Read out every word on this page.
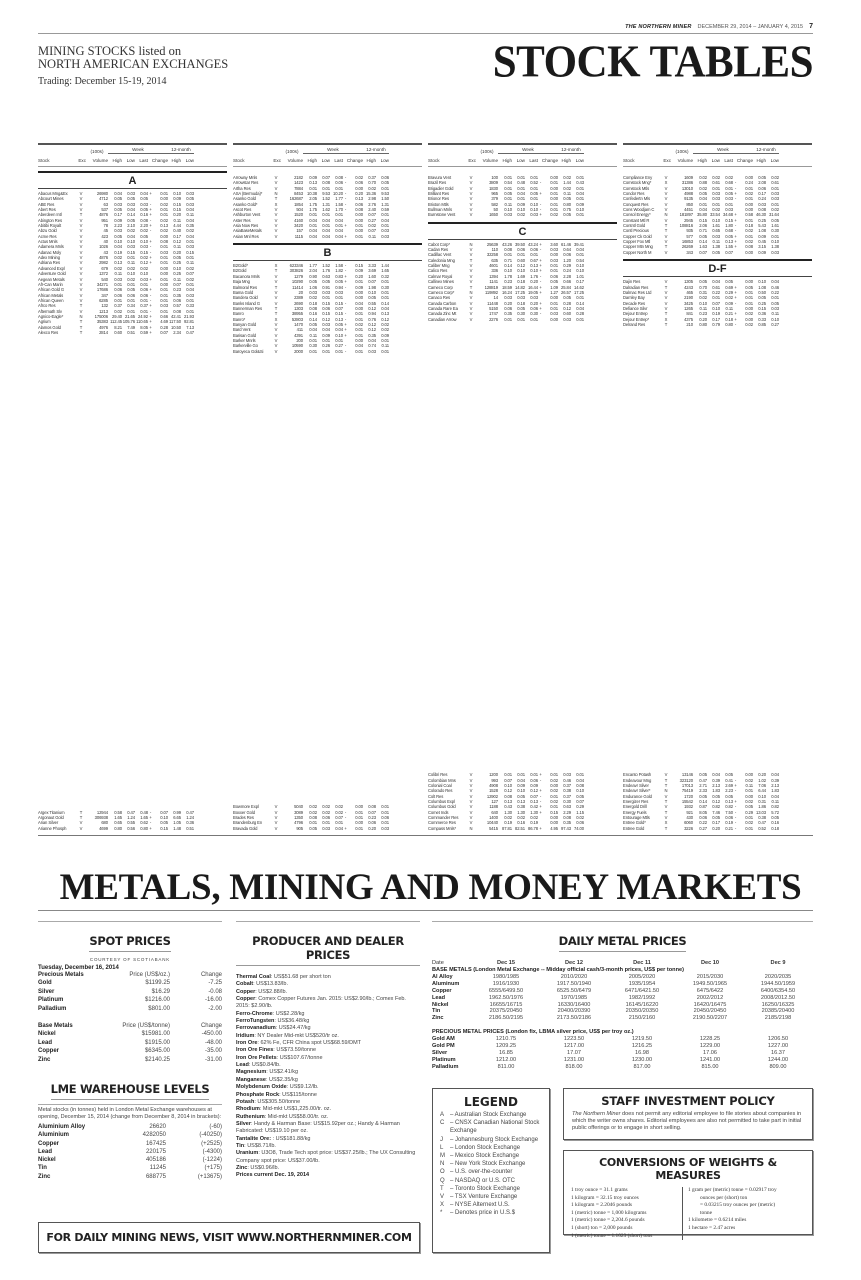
THE NORTHERN MINER DECEMBER 29, 2014 – JANUARY 4, 2015 7
MINING STOCKS listed on
NORTH AMERICAN EXCHANGES
Trading: December 15-19, 2014	STOCK TABLES
(100s)	Week	12-month
Stock	Exc	Volume High Low Last Change High Low
A
Abacus Mng&Ex	V	26980	0.04	0.03	0.04 +	0.01	0.10	0.03
Abcourt Mines	V	4712	0.05	0.05	0.05	0.00	0.09	0.05
ABE Res	V	63	0.03	0.03	0.03 -	0.02	0.15	0.03
Abert Res	V	537	0.05	0.04	0.05 +	0.01	0.15	0.04
Aberdeen Intl	T	4876	0.17	0.14	0.16 +	0.01	0.20	0.11
Abington Res	V	951	0.09	0.05	0.08 -	0.02	0.11	0.04
Abitibi Royalt	V	78	2.23	2.10	2.20 +	0.13	4.44	0.35
Abzu Gold	V	45	0.03	0.02	0.02 -	0.02	0.40	0.02
Acme Res	V	423	0.05	0.04	0.05	0.00	0.17	0.04
Actus Mnls	V	40	0.10	0.10	0.10 +	0.08	0.12	0.01
Adamera Mnls	V	1026	0.04	0.03	0.03 -	0.01	0.11	0.03
Adanac Moly	V	43	0.19	0.15	0.15 -	0.03	0.20	0.15
Adex Mining	V	4876	0.02	0.01	0.02 +	0.01	0.05	0.01
Adriana Res	V	2982	0.13	0.11	0.12 +	0.01	0.25	0.11
Advanced Expl	V	679	0.02	0.02	0.02	0.00	0.10	0.02
Adventure Gold	V	1372	0.11	0.10	0.10	0.00	0.25	0.07
Aegean Metals	V	540	0.03	0.02	0.03 +	0.01	0.11	0.02
Afr-Can Marin	V	34271	0.01	0.01	0.01	0.00	0.07	0.01
African Gold G	V	17686	0.06	0.05	0.06 +	0.01	0.23	0.04
African Metals	V	347	0.06	0.06	0.06 -	0.01	0.35	0.03
African Queen	V	6285	0.01	0.01	0.01 -	0.01	0.06	0.01
Afrco Res	T	132	0.37	0.34	0.37 +	0.03	0.57	0.33
Aftermath Slv	V	1213	0.02	0.01	0.01 -	0.01	0.08	0.01
Agnico-Eagle*	N	175006 29.40 21.65 24.92 +	0.66 42.41 21.93
Agrium	T	35383 112.45 105.76 110.65 +	4.69 117.50 92.81
Alamos Gold	T	4976	8.21	7.49	8.05 +	0.28 10.50	7.13
Alexco Res	T	2814	0.60	0.51	0.59 +	0.07	2.34	0.47
Argex Titanium	T	12944	0.58	0.47	0.48 -	0.07	0.99	0.47
Argonaut Gold	T	306938	1.65	1.24	1.65 +	0.10	6.65	1.24
Arian Silver	V	680	0.65	0.55	0.62 -	0.05	1.05	0.36
Arianne Phosph	V	4699	0.80	0.56	0.80 +	0.15	1.48	0.51
(100s)	Week	12-month
Stock	Exc	Volume High Low Last Change High Low
Arroway Mnls	V	2182	0.09	0.07	0.08 -	0.02	0.37	0.06
Arrowstar Res	V	1423	0.13	0.08	0.06 -	0.06	0.70	0.05
Artha Res	V	7884	0.01	0.01	0.01	0.00	0.02	0.01
ASA (Bermuda)*	N	8453 10.38	9.53 10.20 -	0.20 15.36	9.53
Asanko Gold	T	162687	2.05	1.52	1.77 -	0.13	2.98	1.50
Asanko Gold*	X	1854	1.75	1.31	1.58 -	0.06	2.76	1.31
Ascot Res	V	504	1.75	1.62	1.70 -	0.08	2.40	0.59
Ashburton Vent	V	1520	0.01	0.01	0.01	0.00	0.07	0.01
Aster Res	V	4160	0.04	0.04	0.04	0.00	0.27	0.04
Asia Now Res	V	3420	0.01	0.01	0.01 +	0.01	0.02	0.01
AsiaBaseMetals	V	157	0.04	0.04	0.04	0.00	0.07	0.03
Asian Mnl Res	V	1115	0.04	0.04	0.04 +	0.01	0.11	0.03
B
B2Gold*	X	623346	1.77	1.52	1.58 -	0.15	3.33	1.44
B2Gold	T	303826	2.04	1.76	1.82 -	0.09	3.69	1.65
Bacanora Mnls	V	1279	0.90	0.63	0.83 +	0.20	1.60	0.32
Baja Mng	V	10290	0.05	0.05	0.05 +	0.01	0.07	0.01
Balmoral Res	T	11414	1.06	0.91	0.94 -	0.09	1.98	0.30
Bama Gold	V	20	0.03	0.03	0.03	0.00	0.10	0.01
Bandera Gold	V	2389	0.02	0.01	0.01	0.00	0.05	0.01
Banks Island G	V	2690	0.18	0.15	0.15 -	0.04	0.55	0.14
Bannerman Res	T	1303	0.08	0.06	0.07	0.00	0.12	0.04
Banro	T	38955	0.16	0.15	0.15 -	0.01	0.94	0.13
Banro*	X	52803	0.14	0.12	0.13 -	0.01	0.76	0.12
Banyan Gold	V	1470	0.05	0.03	0.05 +	0.02	0.12	0.02
Bard Vent	V	411	0.04	0.04	0.04 +	0.01	0.12	0.02
Barisan Gold	V	4391	0.11	0.09	0.10 +	0.01	0.35	0.09
Barker Mnrls	V	200	0.01	0.01	0.01	0.00	0.04	0.01
Barkerville Go	V	10590	0.30	0.26	0.27 -	0.04	0.74	0.11
Baroyeca Gol&Si	V	2000	0.01	0.01	0.01 -	0.01	0.03	0.01
Bowmore Expl	V	5040	0.02	0.02	0.02	0.00	0.08	0.01
Boxxer Gold	V	3089	0.02	0.02	0.02 -	0.01	0.07	0.01
Brades Res	V	1350	0.08	0.06	0.07 -	0.01	0.23	0.06
Brandenburg En	V	4796	0.01	0.01	0.01	0.00	0.06	0.01
Bravada Gold	V	905	0.05	0.03	0.04 +	0.01	0.20	0.03
(100s)	Week	12-month
Stock	Exc	Volume High Low Last Change High Low
Bravura Vent	V	100	0.01	0.01	0.01	0.00	0.02	0.01
Brazil Res	V	3809	0.54	0.48	0.52 -	0.01	1.44	0.43
Brigadier Gold	V	1830	0.01	0.01	0.01	0.00	0.02	0.01
Brilliant Res	V	965	0.05	0.04	0.05 +	0.01	0.11	0.04
Brionor Res	V	379	0.01	0.01	0.01	0.00	0.05	0.01
Brixton Mtls	V	582	0.11	0.09	0.10 -	0.01	0.80	0.09
Bullman Mnls	V	50	0.10	0.10	0.10 -	0.01	0.75	0.10
Burnstone Vent	V	1650	0.03	0.02	0.03 +	0.02	0.05	0.01
C
Cabot Corp*	N	25639 43.26 39.50 43.24 +	3.60 61.46 39.41
Cadan Res	V	110	0.08	0.06	0.06 -	0.03	0.64	0.04
Cadillac Vent	V	32258	0.01	0.01	0.01	0.00	0.06	0.01
Caledonia Mng	T	635	0.71	0.60	0.67 +	0.03	1.20	0.54
Caliber Mng	V	4601	0.14	0.12	0.13 +	0.01	0.29	0.10
Calico Res	V	336	0.10	0.10	0.10 +	0.01	0.24	0.10
Calmar Royal	V	1394	1.78	1.69	1.76 -	0.06	2.28	1.01
Callinex Mines	V	1141	0.23	0.18	0.20 -	0.05	0.66	0.17
Cameco Corp	T	128819 18.59 14.82 16.44 +	1.09 25.84 14.62
Cameco Corp*	N	119892 16.24 17.25 19.05 +	1.27 26.57 17.25
Canaco Res	V	14	0.03	0.03	0.03	0.00	0.05	0.01
Canada Carbon	V	11448	0.20	0.18	0.20 +	0.01	0.28	0.14
Canada Rare Ea	V	5150	0.06	0.05	0.06 +	0.01	0.12	0.04
Canada Zinc Mt	V	1747	0.35	0.30	0.30 -	0.03	0.60	0.28
Canadian Arrow	V	2276	0.01	0.01	0.01	0.00	0.03	0.01
Colibri Res	V	1200	0.01	0.01	0.01 +	0.01	0.03	0.01
Colombian Mns	V	993	0.07	0.04	0.06 -	0.02	0.46	0.04
Colonial Coal	V	4908	0.10	0.09	0.09	0.00	0.37	0.08
Colorado Res	V	1528	0.12	0.10	0.12 +	0.02	0.38	0.10
Colt Res	V	12902	0.08	0.05	0.07 -	0.01	0.37	0.05
Columbus Expl	V	127	0.13	0.13	0.13 -	0.02	0.30	0.07
Columbus Gold	V	1188	0.43	0.38	0.42 +	0.01	0.63	0.29
Comet Inds	V	640	1.30	1.30	1.30 +	0.15	2.29	1.15
Commander Res	V	1400	0.02	0.02	0.02	0.00	0.08	0.02
Commerce Res	V	10440	0.19	0.16	0.19	0.00	0.35	0.06
Compass Mnls*	N	5415 87.81 82.51 86.78 +	4.95 97.43 74.00
(100s)	Week	12-month
Stock	Exc	Volume High Low Last Change High Low
Compliance Eny	V	1609	0.02	0.02	0.02	0.00	0.05	0.02
Comstock Mng*	X	31386	0.88	0.61	0.68 -	0.24	2.08	0.61
Comstock Mtls	V	13010	0.02	0.01	0.01 -	0.01	0.06	0.01
Condor Res	V	4988	0.05	0.03	0.05 +	0.02	0.17	0.03
Confedertn Mls	V	9135	0.04	0.03	0.03 -	0.01	0.24	0.03
Conquest Res	V	850	0.01	0.01	0.01	0.00	0.03	0.01
Cons Woodjam C	V	4451	0.04	0.02	0.03	0.00	0.08	0.02
Consol Energy*	N	181897 35.80 33.54 34.68 +	0.58 46.30 31.64
Constant Mtl R	V	2945	0.15	0.10	0.15 +	0.01	0.25	0.05
Contntl Gold	T	108816	2.06	1.61	1.80 -	0.18	5.43	1.61
Contl Precious	T	935	0.71	0.65	0.68 -	0.02	1.08	0.30
Copper Ck Gold	V	577	0.05	0.03	0.05 +	0.01	0.09	0.01
Copper Fox Mtl	V	16853	0.14	0.11	0.13 +	0.02	0.45	0.10
Copper Mtn Mng	T	26269	1.63	1.38	1.55 +	0.08	3.15	1.38
Copper North M	V	343	0.07	0.05	0.07	0.00	0.09	0.03
D-F
Dajin Res	V	1305	0.05	0.04	0.05	0.00	0.10	0.04
Dalradian Res	T	4243	0.70	0.61	0.69 +	0.05	1.08	0.46
Dalmac Res Ltd	V	465	0.31	0.22	0.29 +	0.01	0.50	0.22
Darnley Bay	V	2190	0.02	0.01	0.02 +	0.01	0.05	0.01
Decade Res	V	3425	0.10	0.07	0.09 -	0.01	0.25	0.05
Defiance Silvr	V	1265	0.11	0.10	0.11	0.00	0.15	0.03
Dejour Entrep	T	841	0.23	0.19	0.21 +	0.02	0.36	0.11
Dejour Entrep*	X	4375	0.20	0.17	0.18 +	0.00	0.33	0.10
Delrand Res	T	210	0.80	0.79	0.80 -	0.02	0.85	0.27
Encanto Potash	V	13146	0.05	0.04	0.05	0.00	0.20	0.04
Endeavour Mng	T	323120	0.47	0.39	0.41 -	0.02	1.02	0.39
Endeavr Silver	T	17013	2.71	2.13	2.69 +	0.11	7.06	2.13
Endeavr Silver*	N	75419	2.33	1.83	2.23 -	0.01	6.44	1.83
Endurance Gold	V	1720	0.05	0.05	0.05	0.00	0.10	0.04
Energizer Res	T	15542	0.14	0.12	0.13 +	0.02	0.31	0.11
Energold Drill	V	1932	0.87	0.82	0.82 -	0.05	1.86	0.82
Energy Fuels	T	921	8.05	7.46	7.50 -	0.29 13.03	5.72
Entourage Mtls	V	430	0.06	0.05	0.06 -	0.01	0.38	0.05
Entree Gold*	X	6060	0.22	0.17	0.19 -	0.02	0.47	0.16
Entree Gold	T	3226	0.27	0.20	0.21 -	0.01	0.52	0.18
METALS, MINING AND MONEY MARKETS
SPOT PRICES
COURTESY OF SCOTIABANK
Tuesday, December 16, 2014
Precious Metals	Price (US$/oz.)	Change
Gold	$1199.25	-7.25
Silver	$16.29	-0.08
Platinum	$1216.00	-16.00
Palladium	$801.00	-2.00
Base Metals	Price (US$/tonne)	Change
Nickel	$15981.00	-450.00
Lead	$1915.00	-48.00
Copper	$6345.00	-35.00
Zinc	$2140.25	-31.00
LME WAREHOUSE LEVELS
Metal stocks (in tonnes) held in London Metal Exchange warehouses at opening, December 15, 2014 (change from December 8, 2014 in brackets):
Aluminium Alloy	26620	(-60)
Aluminium	4282050	(-40250)
Copper	167425	(+2525)
Lead	220175	(-4300)
Nickel	405186	(-1224)
Tin	11245	(+175)
Zinc	688775	(+13675)
PRODUCER AND DEALER PRICES
Thermal Coal: US$51.68 per short ton
Cobalt: US$13.83/lb.
Copper: US$2.88/lb.
Copper: Comex Copper Futures Jan. 2015: US$2.90/lb.; Comex Feb. 2015: $2.90/lb.
Ferro-Chrome: US$2.28/kg
FerroTungsten: US$36.48/kg
Ferrovanadium: US$24.47/kg
Iridium: NY Dealer Mid-mkt US$520/tr oz.
Iron Ore: 62% Fe, CFR China spot US$68.59/DMT
Iron Ore Fines: US$73.59/tonne
Iron Ore Pellets: US$107.67/tonne
Lead: US$0.84/lb.
Magnesium: US$2.41/kg
Manganese: US$2.35/kg
Molybdenum Oxide: US$9.12/lb.
Phosphate Rock: US$115/tonne
Potash: US$305.50/tonne
Rhodium: Mid-mkt US$1,225.00/tr. oz.
Ruthenium: Mid-mkt US$58.00/tr. oz.
Silver: Handy & Harman Base: US$15.92per oz.; Handy & Harman Fabricated: US$19.10 per oz.
Tantalite Ore: : US$181.88/kg
Tin: US$8.71/lb.
Uranium: U3O8, Trade Tech spot price: US$37.25/lb.; The UX Consulting Company spot price: US$37.00/lb.
Zinc: US$0.96/lb.
Prices current Dec. 19, 2014
DAILY METAL PRICES
Date	Dec 15	Dec 12	Dec 11	Dec 10	Dec 9
BASE METALS (London Metal Exchange -- Midday official cash/3-month prices, US$ per tonne)
Al Alloy	1980/1985	2010/2020	2005/2020	2015/2030	2020/2035
Aluminum	1916/1930	1917.50/1940	1935/1954	1949.50/1965	1944.50/1959
Copper	6555/6499.50	6525.50/6479	6471/6421.50	6475/6422	6400/6354.50
Lead	1962.50/1976	1970/1985	1982/1992	2002/2012	2008/2012.50
Nickel	16655/16715	16330/16400	16145/16220	16420/16475	16250/16325
Tin	20375/20450	20400/20390	20350/20350	20450/20450	20385/20400
Zinc	2186.50/2195	2173.50/2186	2150/2160	2190.50/2207	2185/2198
PRECIOUS METAL PRICES (London fix, LBMA silver price, US$ per troy oz.)
Gold AM	1210.75	1223.50	1219.50	1228.25	1206.50
Gold PM	1209.25	1217.00	1216.25	1229.00	1227.00
Silver	16.85	17.07	16.98	17.06	16.37
Platinum	1212.00	1231.00	1230.00	1241.00	1244.00
Palladium	811.00	818.00	817.00	815.00	809.00
LEGEND
A – Australian Stock Exchange
C – CNSX Canadian National Stock Exchange
J	– Johannesburg Stock Exchange
L	– London Stock Exchange
M – Mexico Stock Exchange
N – New York Stock Exchange
O – U.S. over-the-counter
Q – NASDAQ or U.S. OTC
T	– Toronto Stock Exchange
V – TSX Venture Exchange
X – NYSE Alternext U.S.
*	– Denotes price in U.S.$
STAFF INVESTMENT POLICY
The Northern Miner does not permit any editorial employee to file stories about companies in which the writer owns shares. Editorial employees are also not permitted to take part in initial public offerings or to engage in short selling.
CONVERSIONS OF WEIGHTS & MEASURES
1 troy ounce = 31.1 grams
1 kilogram = 32.15 troy ounces
1 kilogram = 2.2046 pounds
1 (metric) tonne = 1,000 kilograms
1 (metric) tonne = 2,204.6 pounds
1 (short) ton = 2,000 pounds
1 (metric) tonne = 1.1023 (short) tons
1 gram per (metric) tonne = 0.02917 troy
ounces per (short) ton
= 0.03215 troy ounces per (metric)
tonne
1 kilometre = 0.6214 miles
1 hectare = 2.47 acres
FOR DAILY MINING NEWS, VISIT WWW.NORTHERNMINER.COM
